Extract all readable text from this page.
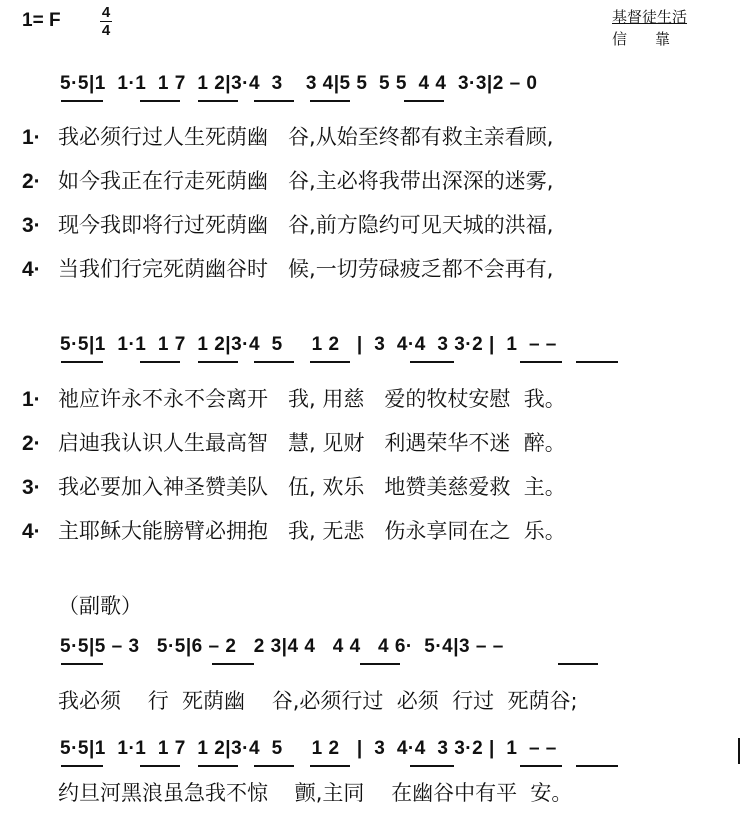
1= F	4
4
基督徒生活
信靠
5·5|1  1·1  1 7  1 2|3·4  3    3 4|5 5  5 5  4 4  3·3|2 – 0
1· 我必须行过人生死荫幽   谷,从始至终都有救主亲看顾,
2· 如今我正在行走死荫幽   谷,主必将我带出深深的迷雾,
3· 现今我即将行过死荫幽   谷,前方隐约可见天城的洪福,
4· 当我们行完死荫幽谷时   候,一切劳碌疲乏都不会再有,
5·5|1  1·1  1 7  1 2|3·4  5     1 2   |  3  4·4  3 3·2 |  1  – –
1· 祂应许永不永不会离开   我, 用慈   爱的牧杖安慰  我。
2· 启迪我认识人生最高智   慧, 见财   利遇荣华不迷  醉。
3· 我必要加入神圣赞美队   伍, 欢乐   地赞美慈爱救  主。
4· 主耶稣大能膀臂必拥抱   我, 无悲   伤永享同在之  乐。
（副歌）
5·5|5 – 3   5·5|6 – 2   2 3|4 4   4 4   4 6·  5·4|3 – –
我必须    行  死荫幽    谷,必须行过  必须  行过  死荫谷;
5·5|1  1·1  1 7  1 2|3·4  5     1 2   |  3  4·4  3 3·2 |  1  – –
约旦河黑浪虽急我不惊    颤,主同    在幽谷中有平  安。
